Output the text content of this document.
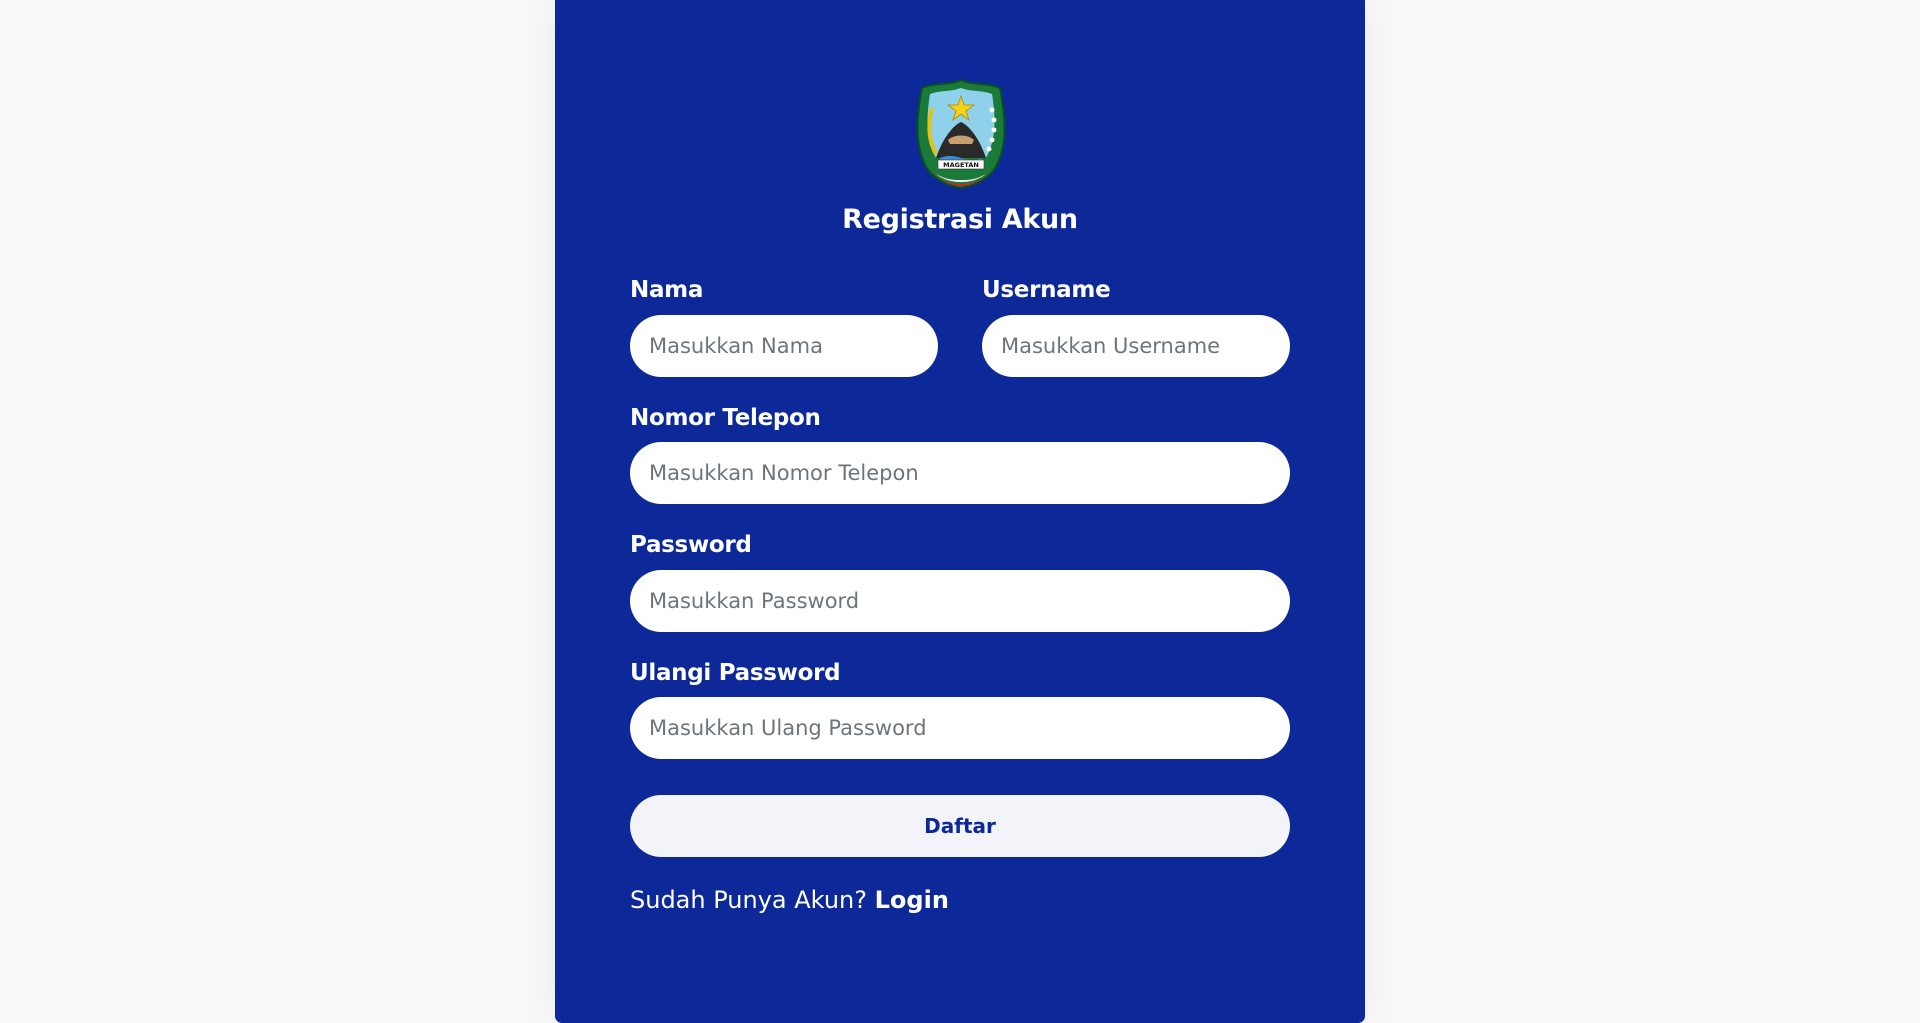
MAGETAN
Registrasi Akun
Nama
Masukkan Nama	Username
Masukkan Username
Nomor Telepon
Masukkan Nomor Telepon
Password
Ulangi Password
Daftar
Sudah Punya Akun? Login
